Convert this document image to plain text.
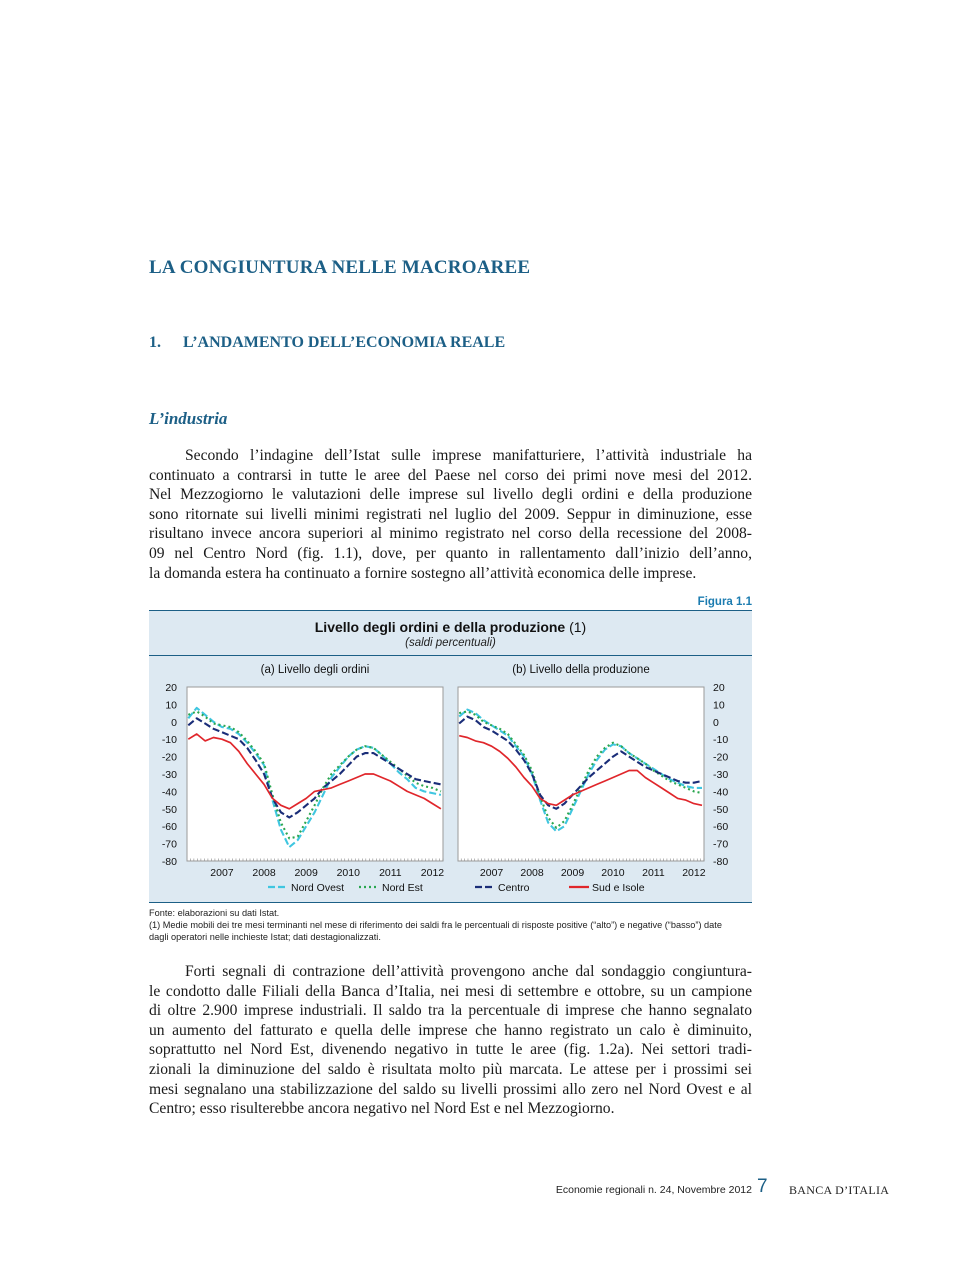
LA CONGIUNTURA NELLE MACROAREE
1. L’ANDAMENTO DELL’ECONOMIA REALE
L’industria
Secondo l’indagine dell’Istat sulle imprese manifatturiere, l’attività industriale ha
continuato a contrarsi in tutte le aree del Paese nel corso dei primi nove mesi del 2012.
Nel Mezzogiorno le valutazioni delle imprese sul livello degli ordini e della produzione
sono ritornate sui livelli minimi registrati nel luglio del 2009. Seppur in diminuzione, esse
risultano invece ancora superiori al minimo registrato nel corso della recessione del 2008-
09 nel Centro Nord (fig. 1.1), dove, per quanto in rallentamento dall’inizio dell’anno,
la domanda estera ha continuato a fornire sostegno all’attività economica delle imprese.
Figura 1.1
Livello degli ordini e della produzione (1)
(saldi percentuali)
(a) Livello degli ordini
20
10
0
-10
-20
-30
-40
-50
-60
-70
-80
2007 2008 2009 2010 2011 2012
(b) Livello della produzione
20
10
0
-10
-20
-30
-40
-50
-60
-70
-80
2007 2008 2009 2010 2011 2012
Nord Ovest	Nord Est	Centro	Sud e Isole
Fonte: elaborazioni su dati Istat.
(1) Medie mobili dei tre mesi terminanti nel mese di riferimento dei saldi fra le percentuali di risposte positive (“alto”) e negative (“basso”) date
dagli operatori nelle inchieste Istat; dati destagionalizzati.
Forti segnali di contrazione dell’attività provengono anche dal sondaggio congiuntura-
le condotto dalle Filiali della Banca d’Italia, nei mesi di settembre e ottobre, su un campione
di oltre 2.900 imprese industriali. Il saldo tra la percentuale di imprese che hanno segnalato
un aumento del fatturato e quella delle imprese che hanno registrato un calo è diminuito,
soprattutto nel Nord Est, divenendo negativo in tutte le aree (fig. 1.2a). Nei settori tradi-
zionali la diminuzione del saldo è risultata molto più marcata. Le attese per i prossimi sei
mesi segnalano una stabilizzazione del saldo su livelli prossimi allo zero nel Nord Ovest e al
Centro; esso risulterebbe ancora negativo nel Nord Est e nel Mezzogiorno.
Economie regionali n. 24, Novembre 2012 7 BANCA D’ITALIA
